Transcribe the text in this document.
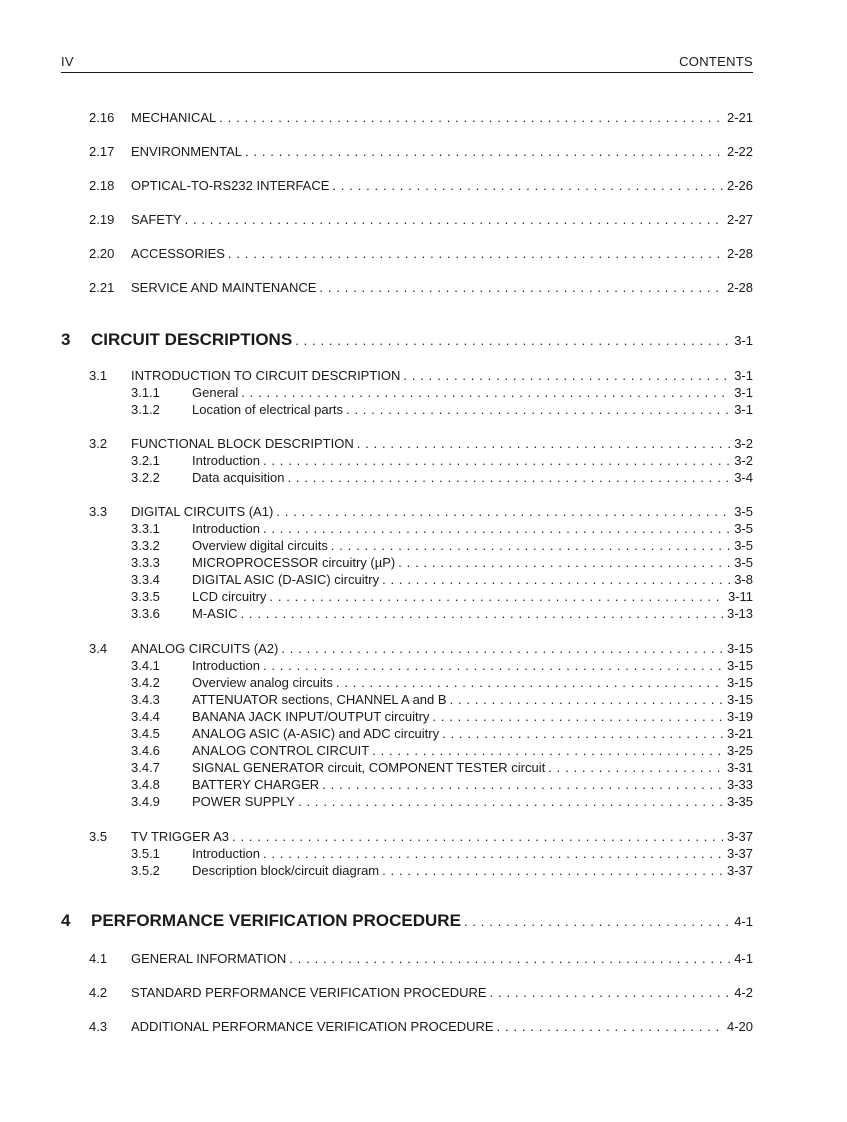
IV	CONTENTS
2.16	MECHANICAL . . .	2-21
2.17	ENVIRONMENTAL . . .	2-22
2.18	OPTICAL-TO-RS232 INTERFACE . . .	2-26
2.19	SAFETY . . .	2-27
2.20	ACCESSORIES . . .	2-28
2.21	SERVICE AND MAINTENANCE . . .	2-28
3	CIRCUIT DESCRIPTIONS . . .	3-1
3.1	INTRODUCTION TO CIRCUIT DESCRIPTION . . .	3-1
3.1.1	General . . .	3-1
3.1.2	Location of electrical parts . . .	3-1
3.2	FUNCTIONAL BLOCK DESCRIPTION . . .	3-2
3.2.1	Introduction . . .	3-2
3.2.2	Data acquisition . . .	3-4
3.3	DIGITAL CIRCUITS (A1) . . .	3-5
3.3.1	Introduction . . .	3-5
3.3.2	Overview digital circuits . . .	3-5
3.3.3	MICROPROCESSOR circuitry (µP) . . .	3-5
3.3.4	DIGITAL ASIC (D-ASIC) circuitry . . .	3-8
3.3.5	LCD circuitry . . .	3-11
3.3.6	M-ASIC . . .	3-13
3.4	ANALOG CIRCUITS (A2) . . .	3-15
3.4.1	Introduction . . .	3-15
3.4.2	Overview analog circuits . . .	3-15
3.4.3	ATTENUATOR sections, CHANNEL A and B . . .	3-15
3.4.4	BANANA JACK INPUT/OUTPUT circuitry . . .	3-19
3.4.5	ANALOG ASIC (A-ASIC) and ADC circuitry . . .	3-21
3.4.6	ANALOG CONTROL CIRCUIT . . .	3-25
3.4.7	SIGNAL GENERATOR circuit, COMPONENT TESTER circuit . . .	3-31
3.4.8	BATTERY CHARGER . . .	3-33
3.4.9	POWER SUPPLY . . .	3-35
3.5	TV TRIGGER A3 . . .	3-37
3.5.1	Introduction . . .	3-37
3.5.2	Description block/circuit diagram . . .	3-37
4	PERFORMANCE VERIFICATION PROCEDURE . . .	4-1
4.1	GENERAL INFORMATION . . .	4-1
4.2	STANDARD PERFORMANCE VERIFICATION PROCEDURE . . .	4-2
4.3	ADDITIONAL PERFORMANCE VERIFICATION PROCEDURE . . .	4-20
